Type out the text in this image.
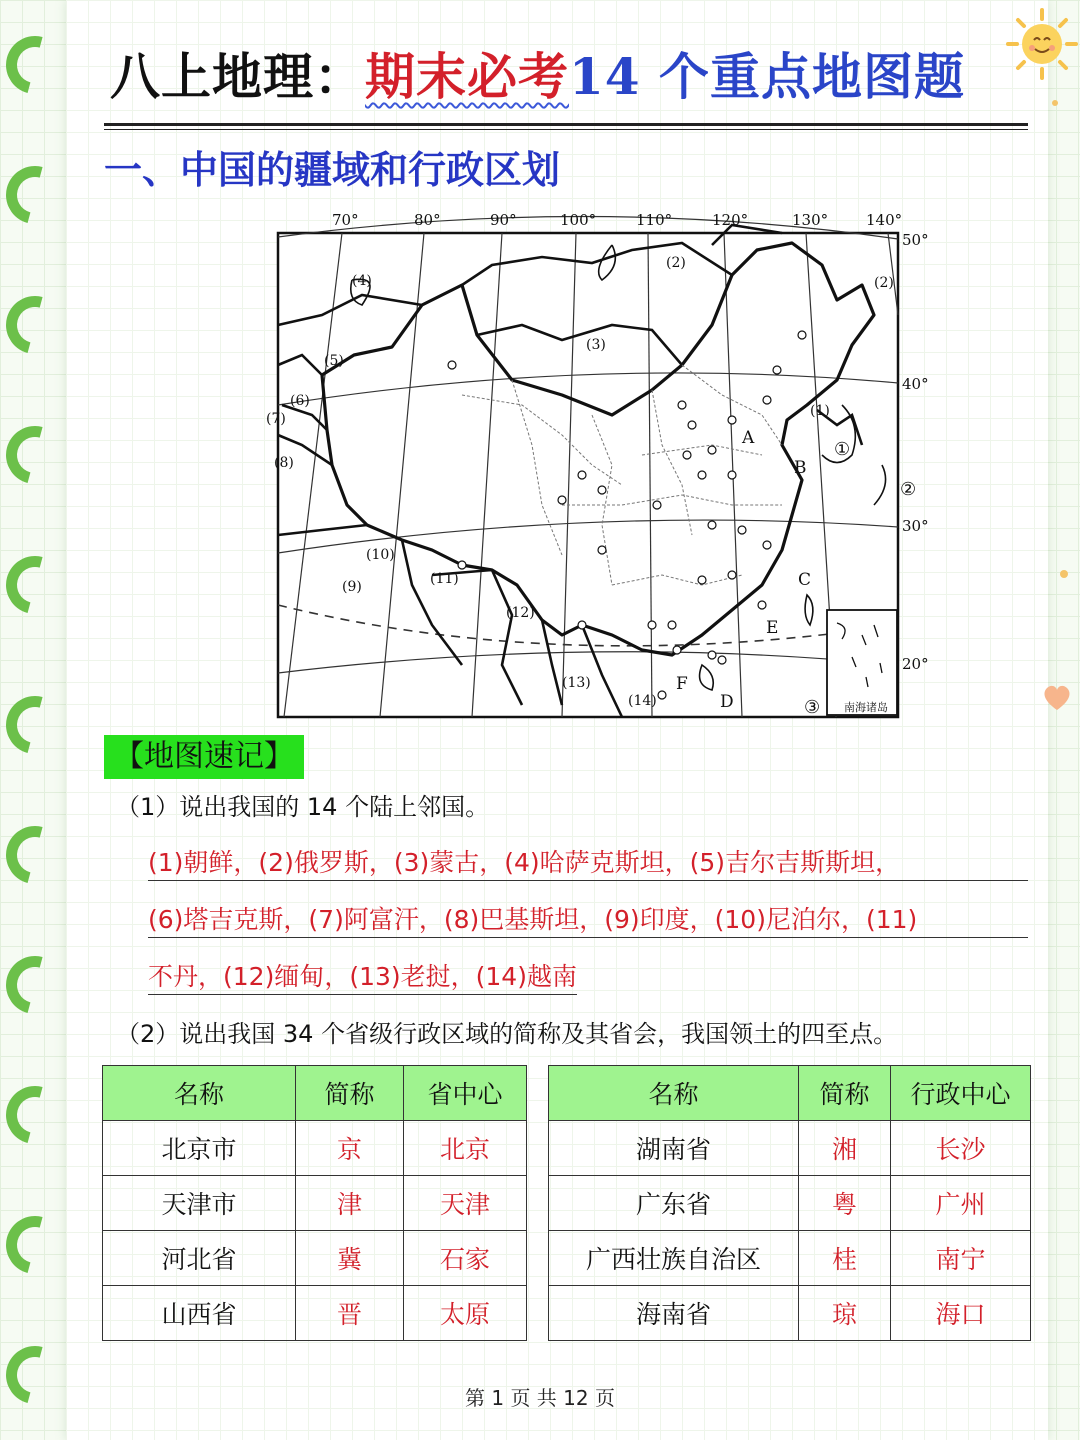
八上地理：期末必考14 个重点地图题
一、中国的疆域和行政区划
70°	80°	90°	100°	110°	120°	130°	140°
50°
40°
30°
20°
(1)
(2)
(2)
(3)
(4)
(5)
(6)
(7)
(8)
(9)
(10)
(11)
(12)
(13)
(14)
①
②
③
A
B
C
D
E
F
南海诸岛
【地图速记】
（1）说出我国的 14 个陆上邻国。
(1)朝鲜，(2)俄罗斯，(3)蒙古，(4)哈萨克斯坦，(5)吉尔吉斯斯坦，
(6)塔吉克斯，(7)阿富汗，(8)巴基斯坦，(9)印度，(10)尼泊尔，(11)
不丹，(12)缅甸，(13)老挝，(14)越南
（2）说出我国 34 个省级行政区域的简称及其省会，我国领土的四至点。
名称	简称	省中心
北京市	京	北京
天津市	津	天津
河北省	冀	石家
山西省	晋	太原
名称	简称	行政中心
湖南省	湘	长沙
广东省	粤	广州
广西壮族自治区	桂	南宁
海南省	琼	海口
第 1 页 共 12 页
